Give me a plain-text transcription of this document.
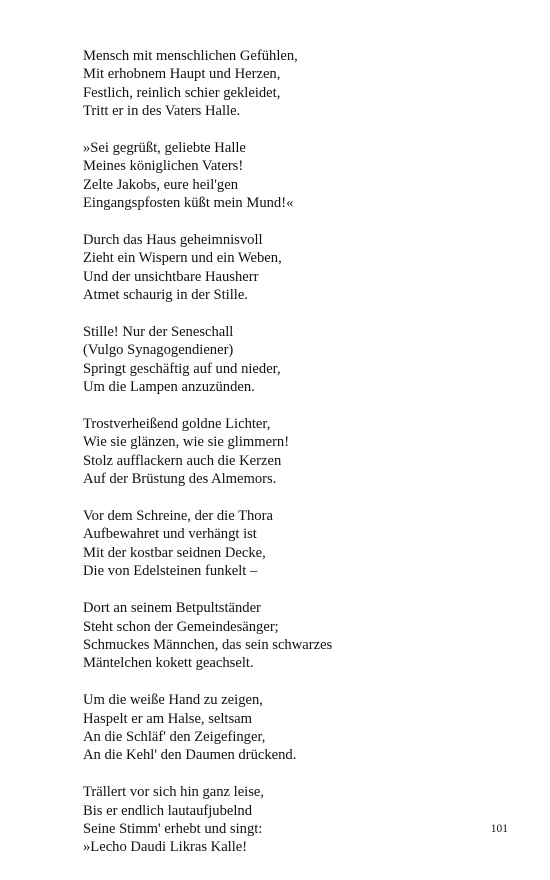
Mensch mit menschlichen Gefühlen,
Mit erhobnem Haupt und Herzen,
Festlich, reinlich schier gekleidet,
Tritt er in des Vaters Halle.
»Sei gegrüßt, geliebte Halle
Meines königlichen Vaters!
Zelte Jakobs, eure heil'gen
Eingangspfosten küßt mein Mund!«
Durch das Haus geheimnisvoll
Zieht ein Wispern und ein Weben,
Und der unsichtbare Hausherr
Atmet schaurig in der Stille.
Stille! Nur der Seneschall
(Vulgo Synagogendiener)
Springt geschäftig auf und nieder,
Um die Lampen anzuzünden.
Trostverheißend goldne Lichter,
Wie sie glänzen, wie sie glimmern!
Stolz aufflackern auch die Kerzen
Auf der Brüstung des Almemors.
Vor dem Schreine, der die Thora
Aufbewahret und verhängt ist
Mit der kostbar seidnen Decke,
Die von Edelsteinen funkelt –
Dort an seinem Betpultständer
Steht schon der Gemeindesänger;
Schmuckes Männchen, das sein schwarzes
Mäntelchen kokett geachselt.
Um die weiße Hand zu zeigen,
Haspelt er am Halse, seltsam
An die Schläf' den Zeigefinger,
An die Kehl' den Daumen drückend.
Trällert vor sich hin ganz leise,
Bis er endlich lautaufjubelnd
Seine Stimm' erhebt und singt:
»Lecho Daudi Likras Kalle!
101
